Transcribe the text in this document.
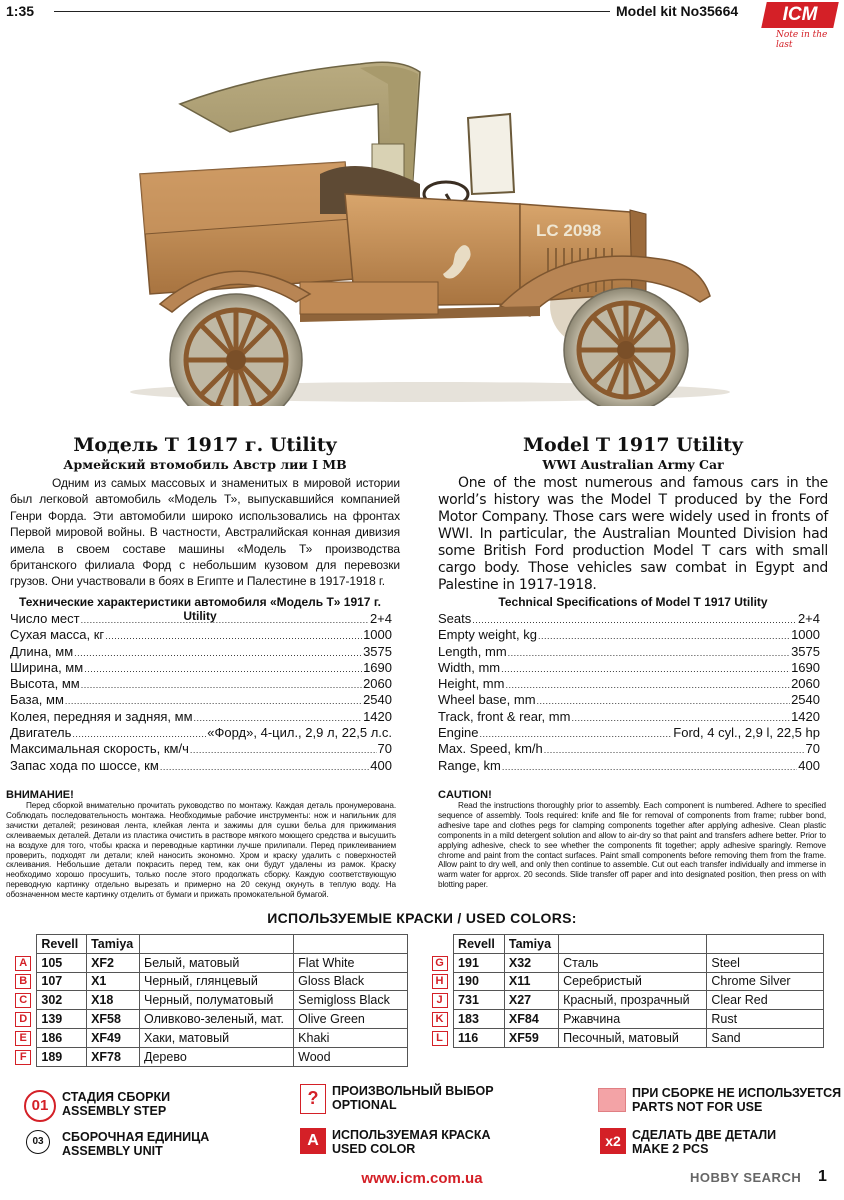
1:35	Model kit No35664	ICM
Note in the last
LC 2098
Модель Т 1917 г. Utility
Армейский втомобиль Австр лии I МВ

Одним из самых массовых и знаменитых в мировой истории был легковой автомобиль «Модель Т», выпускавшийся компанией Генри Форда. Эти автомобили широко использовались на фронтах Первой мировой войны. В частности, Австралийская конная дивизия имела в своем составе машины «Модель Т» производства британского филиала Форд с небольшим кузовом для перевозки грузов. Они участвовали в боях в Египте и Палестине в 1917-1918 г.

Model T 1917 Utility
WWI Australian Army Car

One of the most numerous and famous cars in the world’s history was the Model T produced by the Ford Motor Company. Those cars were widely used in fronts of WWI. In particular, the Australian Mounted Division had some British Ford production Model T cars with small cargo body. Those vehicles saw combat in Egypt and Palestine in 1917-1918.

Технические характеристики автомобиля «Модель Т» 1917 г. Utility
Technical Specifications of Model T 1917 Utility
Число мест .....	2+4
Сухая масса, кг .....	1000
Длина, мм .....	3575
Ширина, мм .....	1690
Высота, мм .....	2060
База, мм .....	2540
Колея, передняя и задняя, мм .....	1420
Двигатель .....	«Форд», 4-цил., 2,9 л, 22,5 л.с.
Максимальная скорость, км/ч .....	70
Запас хода по шоссе, км .....	400
Seats .....	2+4
Empty weight, kg .....	1000
Length, mm .....	3575
Width, mm .....	1690
Height, mm .....	2060
Wheel base, mm .....	2540
Track, front & rear, mm .....	1420
Engine .....	Ford, 4 cyl., 2,9 l, 22,5 hp
Max. Speed, km/h .....	70
Range, km .....	400
ВНИМАНИЕ!
Перед сборкой внимательно прочитать руководство по монтажу. Каждая деталь пронумерована. Соблюдать последовательность монтажа. Необходимые рабочие инструменты: нож и напильник для зачистки деталей; резиновая лента, клейкая лента и зажимы для сушки бельа для прижимания склеиваемых деталей. Детали из пластика очистить в растворе мягкого моющего средства и высушить на воздухе для того, чтобы краска и переводные картинки лучше прилипали. Перед приклеиванием проверить, подходят ли детали; клей наносить экономно. Хром и краску удалить с поверхностей склеивания. Небольшие детали покрасить перед тем, как они будут удалены из рамок. Краску необходимо хорошо просушить, только после этого продолжать сборку. Каждую соответствующую переводную картинку отдельно вырезать и примерно на 20 секунд окунуть в теплую воду. На обозначенном месте картинку отделить от бумаги и прижать промокательной бумагой.
CAUTION!
Read the instructions thoroughly prior to assembly. Each component is numbered. Adhere to specified sequence of assembly. Tools required: knife and file for removal of components from frame; rubber bond, adhesive tape and clothes pegs for clamping components together after applying adhesive. Clean plastic components in a mild detergent solution and allow to air-dry so that paint and transfers adhere better. Prior to applying adhesive, check to see whether the components fit together; apply adhesive sparingly. Remove chrome and paint from the contact surfaces. Paint small components before removing them from the frame. Allow paint to dry well, and only then continue to assemble. Cut out each transfer individually and immerse in warm water for approx. 20 seconds. Slide transfer off paper and into designated position, then press on with blotting paper.
ИСПОЛЬЗУЕМЫЕ КРАСКИ / USED COLORS:
	Revell	Tamiya		
A	105	XF2	Белый, матовый	Flat White
B	107	X1	Черный, глянцевый	Gloss Black
C	302	X18	Черный, полуматовый	Semigloss Black
D	139	XF58	Оливково-зеленый, мат.	Olive Green
E	186	XF49	Хаки, матовый	Khaki
F	189	XF78	Дерево	Wood
	Revell	Tamiya		
G	191	X32	Сталь	Steel
H	190	X11	Серебристый	Chrome Silver
J	731	X27	Красный, прозрачный	Clear Red
K	183	XF84	Ржавчина	Rust
L	116	XF59	Песочный, матовый	Sand
01	СТАДИЯ СБОРКИ
ASSEMBLY STEP
03	СБОРОЧНАЯ ЕДИНИЦА
ASSEMBLY UNIT
?	ПРОИЗВОЛЬНЫЙ ВЫБОР
OPTIONAL
A	ИСПОЛЬЗУЕМАЯ КРАСКА
USED COLOR
ПРИ СБОРКЕ НЕ ИСПОЛЬЗУЕТСЯ
PARTS NOT FOR USE
x2 СДЕЛАТЬ ДВЕ ДЕТАЛИ
MAKE 2 PCS
www.icm.com.ua	HOBBY SEARCH 1
